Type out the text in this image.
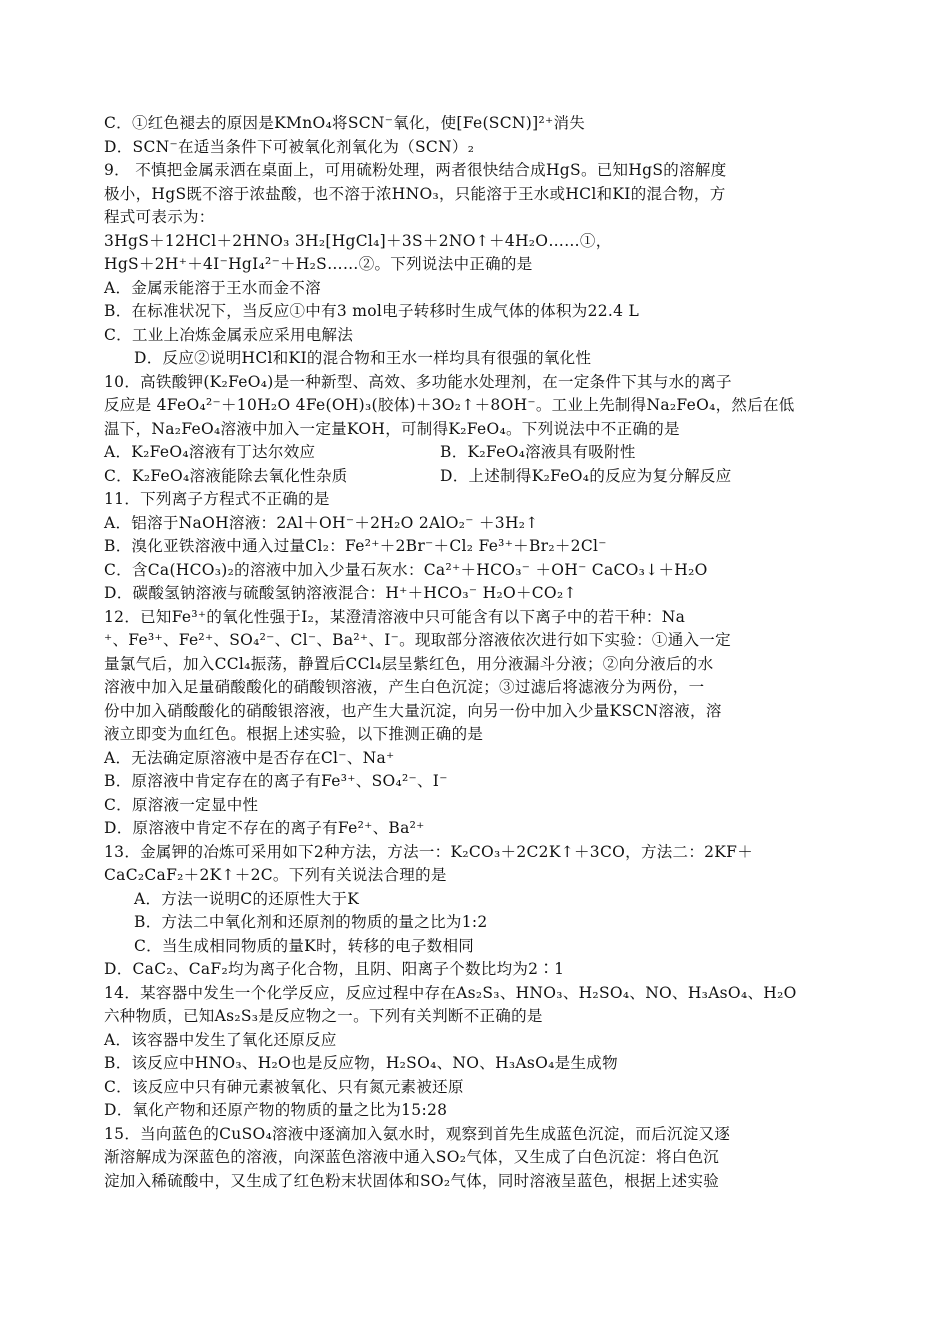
C．①红色褪去的原因是KMnO₄将SCN⁻氧化，使[Fe(SCN)]²⁺消失
D．SCN⁻在适当条件下可被氧化剂氧化为（SCN）₂
9． 不慎把金属汞洒在桌面上，可用硫粉处理，两者很快结合成HgS。已知HgS的溶解度
极小，HgS既不溶于浓盐酸，也不溶于浓HNO₃，只能溶于王水或HCl和KI的混合物，方
程式可表示为：
3HgS＋12HCl＋2HNO₃ 3H₂[HgCl₄]＋3S＋2NO↑＋4H₂O……①，
HgS＋2H⁺＋4I⁻HgI₄²⁻＋H₂S……②。下列说法中正确的是
A．金属汞能溶于王水而金不溶
B．在标准状况下，当反应①中有3 mol电子转移时生成气体的体积为22.4 L
C．工业上冶炼金属汞应采用电解法
D．反应②说明HCl和KI的混合物和王水一样均具有很强的氧化性
10．高铁酸钾(K₂FeO₄)是一种新型、高效、多功能水处理剂，在一定条件下其与水的离子
反应是 4FeO₄²⁻＋10H₂O 4Fe(OH)₃(胶体)＋3O₂↑＋8OH⁻。工业上先制得Na₂FeO₄，然后在低
温下，Na₂FeO₄溶液中加入一定量KOH，可制得K₂FeO₄。下列说法中不正确的是
A．K₂FeO₄溶液有丁达尔效应	B．K₂FeO₄溶液具有吸附性
C．K₂FeO₄溶液能除去氧化性杂质	D．上述制得K₂FeO₄的反应为复分解反应
11．下列离子方程式不正确的是
A．铝溶于NaOH溶液：2Al＋OH⁻＋2H₂O 2AlO₂⁻ ＋3H₂↑
B．溴化亚铁溶液中通入过量Cl₂：Fe²⁺＋2Br⁻＋Cl₂ Fe³⁺＋Br₂＋2Cl⁻
C．含Ca(HCO₃)₂的溶液中加入少量石灰水：Ca²⁺＋HCO₃⁻ ＋OH⁻ CaCO₃↓＋H₂O
D．碳酸氢钠溶液与硫酸氢钠溶液混合：H⁺＋HCO₃⁻ H₂O＋CO₂↑
12．已知Fe³⁺的氧化性强于I₂，某澄清溶液中只可能含有以下离子中的若干种：Na
⁺、Fe³⁺、Fe²⁺、SO₄²⁻、Cl⁻、Ba²⁺、I⁻。现取部分溶液依次进行如下实验：①通入一定
量氯气后，加入CCl₄振荡，静置后CCl₄层呈紫红色，用分液漏斗分液；②向分液后的水
溶液中加入足量硝酸酸化的硝酸钡溶液，产生白色沉淀；③过滤后将滤液分为两份，一
份中加入硝酸酸化的硝酸银溶液，也产生大量沉淀，向另一份中加入少量KSCN溶液，溶
液立即变为血红色。根据上述实验，以下推测正确的是
A．无法确定原溶液中是否存在Cl⁻、Na⁺
B．原溶液中肯定存在的离子有Fe³⁺、SO₄²⁻、I⁻
C．原溶液一定显中性
D．原溶液中肯定不存在的离子有Fe²⁺、Ba²⁺
13．金属钾的冶炼可采用如下2种方法，方法一：K₂CO₃＋2C2K↑＋3CO，方法二：2KF＋
CaC₂CaF₂＋2K↑＋2C。下列有关说法合理的是
A．方法一说明C的还原性大于K
B．方法二中氧化剂和还原剂的物质的量之比为1:2
C．当生成相同物质的量K时，转移的电子数相同
D．CaC₂、CaF₂均为离子化合物，且阴、阳离子个数比均为2∶1
14．某容器中发生一个化学反应，反应过程中存在As₂S₃、HNO₃、H₂SO₄、NO、H₃AsO₄、H₂O
六种物质，已知As₂S₃是反应物之一。下列有关判断不正确的是
A．该容器中发生了氧化还原反应
B．该反应中HNO₃、H₂O也是反应物，H₂SO₄、NO、H₃AsO₄是生成物
C．该反应中只有砷元素被氧化、只有氮元素被还原
D．氧化产物和还原产物的物质的量之比为15:28
15．当向蓝色的CuSO₄溶液中逐滴加入氨水时，观察到首先生成蓝色沉淀，而后沉淀又逐
渐溶解成为深蓝色的溶液，向深蓝色溶液中通入SO₂气体，又生成了白色沉淀：将白色沉
淀加入稀硫酸中，又生成了红色粉末状固体和SO₂气体，同时溶液呈蓝色，根据上述实验
